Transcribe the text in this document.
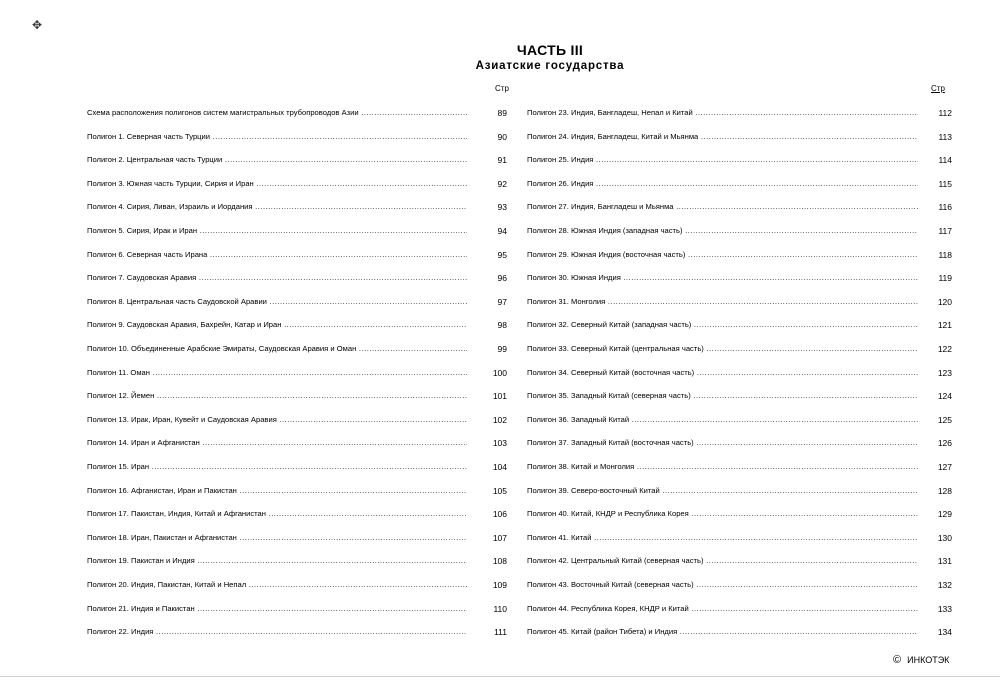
✥
ЧАСТЬ III
Азиатские государства
Стр	Стр
Схема расположения полигонов систем магистральных трубопроводов Азии .....	89
Полигон 1. Северная часть Турции .....	90
Полигон 2. Центральная часть Турции .....	91
Полигон 3. Южная часть Турции, Сирия и Иран .....	92
Полигон 4. Сирия, Ливан, Израиль и Иордания .....	93
Полигон 5. Сирия, Ирак и Иран .....	94
Полигон 6. Северная часть Ирана .....	95
Полигон 7. Саудовская Аравия .....	96
Полигон 8. Центральная часть Саудовской Аравии .....	97
Полигон 9. Саудовская Аравия, Бахрейн, Катар и Иран .....	98
Полигон 10. Объединенные Арабские Эмираты, Саудовская Аравия и Оман .....	99
Полигон 11. Оман .....	100
Полигон 12. Йемен .....	101
Полигон 13. Ирак, Иран, Кувейт и Саудовская Аравия .....	102
Полигон 14. Иран и Афганистан .....	103
Полигон 15. Иран .....	104
Полигон 16. Афганистан, Иран и Пакистан .....	105
Полигон 17. Пакистан, Индия, Китай и Афганистан .....	106
Полигон 18. Иран, Пакистан и Афганистан .....	107
Полигон 19. Пакистан и Индия .....	108
Полигон 20. Индия, Пакистан, Китай и Непал .....	109
Полигон 21. Индия и Пакистан .....	110
Полигон 22. Индия .....	111
Полигон 23. Индия, Бангладеш, Непал и Китай .....	112
Полигон 24. Индия, Бангладеш, Китай и Мьянма .....	113
Полигон 25. Индия .....	114
Полигон 26. Индия .....	115
Полигон 27. Индия, Бангладеш и Мьянма .....	116
Полигон 28. Южная Индия (западная часть) .....	117
Полигон 29. Южная Индия (восточная часть) .....	118
Полигон 30. Южная Индия .....	119
Полигон 31. Монголия .....	120
Полигон 32. Северный Китай (западная часть) .....	121
Полигон 33. Северный Китай (центральная часть) .....	122
Полигон 34. Северный Китай (восточная часть) .....	123
Полигон 35. Западный Китай (северная часть) .....	124
Полигон 36. Западный Китай .....	125
Полигон 37. Западный Китай (восточная часть) .....	126
Полигон 38. Китай и Монголия .....	127
Полигон 39. Северо-восточный Китай .....	128
Полигон 40. Китай, КНДР и Республика Корея .....	129
Полигон 41. Китай .....	130
Полигон 42. Центральный Китай (северная часть) .....	131
Полигон 43. Восточный Китай (северная часть) .....	132
Полигон 44. Республика Корея, КНДР и Китай .....	133
Полигон 45. Китай (район Тибета) и Индия .....	134
© ИНКОТЭК
